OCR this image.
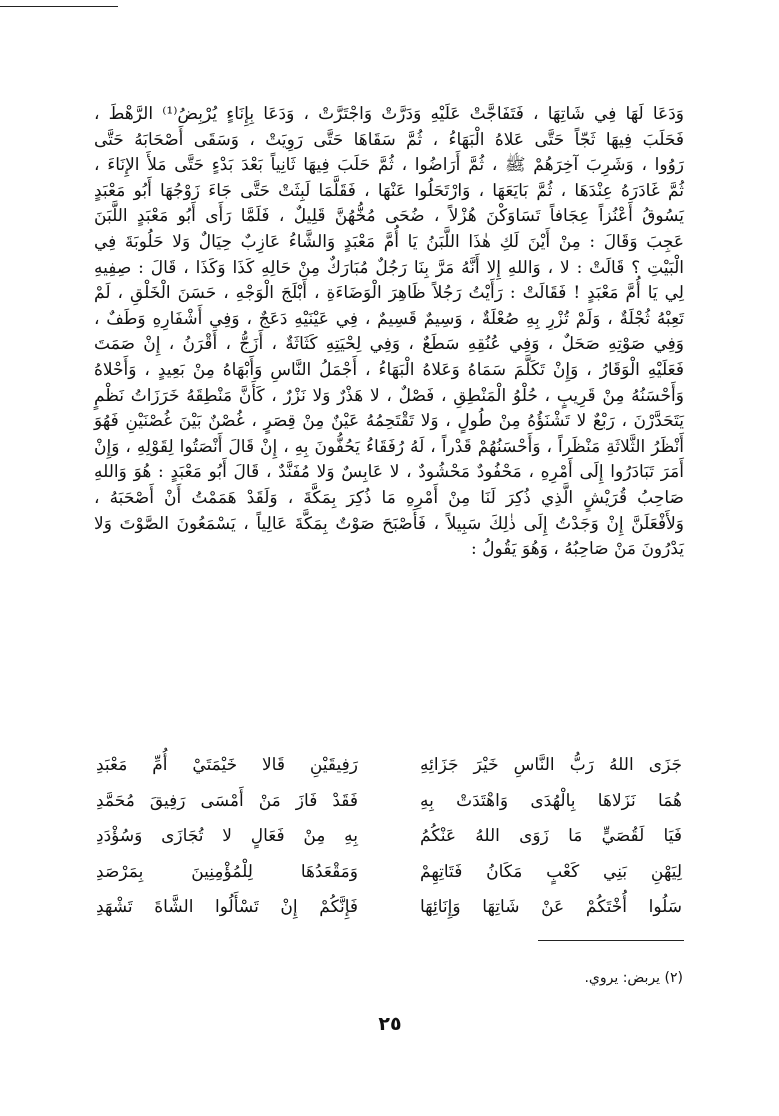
وَدَعَا لَهَا فِي شَاتِهَا ، فَتَفَاجَّتْ عَلَيْهِ وَدَرَّتْ وَاجْتَرَّتْ ، وَدَعَا بِإِنَاءٍ يُرْبِضُ⁽¹⁾ الرَّهْطَ ،
فَحَلَبَ فِيهَا ثَجّاً حَتَّى عَلاهُ الْبَهَاءُ ، ثُمَّ سَقَاهَا حَتَّى رَوِيَتْ ، وَسَقَى أَصْحَابَهُ حَتَّى
رَوُوا ، وَشَرِبَ آخِرَهُمْ ﷺ ، ثُمَّ أَرَاضُوا ، ثُمَّ حَلَبَ فِيهَا ثَانِياً بَعْدَ بَدْءٍ حَتَّى مَلأَ الإِنَاءَ ،
ثُمَّ غَادَرَهُ عِنْدَهَا ، ثُمَّ بَايَعَهَا ، وَارْتَحَلُوا عَنْهَا ، فَقَلَّمَا لَبِثَتْ حَتَّى جَاءَ زَوْجُهَا أَبُو مَعْبَدٍ
يَسُوقُ أَعْنُزاً عِجَافاً تَسَاوَكْنَ هُزْلاً ، ضُحَى مُخُّهُنَّ قَلِيلٌ ، فَلَمَّا رَأَى أَبُو مَعْبَدٍ اللَّبَنَ
عَجِبَ وَقَالَ : مِنْ أَيْنَ لَكِ هٰذَا اللَّبَنُ يَا أُمَّ مَعْبَدٍ وَالشَّاءُ عَازِبٌ حِيَالٌ وَلا حَلُوبَةَ فِي
الْبَيْتِ ؟ قَالَتْ : لا ، وَاللهِ إِلا أَنَّهُ مَرَّ بِنَا رَجُلٌ مُبَارَكٌ مِنْ حَالِهِ كَذَا وَكَذَا ، قَالَ : صِفِيهِ
لِي يَا أُمَّ مَعْبَدٍ ! فَقَالَتْ : رَأَيْتُ رَجُلاً ظَاهِرَ الْوَضَاءَةِ ، أَبْلَجَ الْوَجْهِ ، حَسَنَ الْخَلْقِ ، لَمْ
تَعِبْهُ ثُجْلَةٌ ، وَلَمْ تُزْرِ بِهِ صُعْلَةٌ ، وَسِيمٌ قَسِيمٌ ، فِي عَيْنَيْهِ دَعَجٌ ، وَفِي أَشْفَارِهِ وَطَفٌ ،
وَفِي صَوْتِهِ صَحَلٌ ، وَفِي عُنُقِهِ سَطَعٌ ، وَفِي لِحْيَتِهِ كَثَاثَةٌ ، أَزَجُّ ، أَقْرَنُ ، إِنْ صَمَتَ
فَعَلَيْهِ الْوَقَارُ ، وَإِنْ تَكَلَّمَ سَمَاهُ وَعَلاهُ الْبَهَاءُ ، أَجْمَلُ النَّاسِ وَأَبْهَاهُ مِنْ بَعِيدٍ ، وَأَحْلاهُ
وَأَحْسَنُهُ مِنْ قَرِيبٍ ، حُلْوُ الْمَنْطِقِ ، فَصْلٌ ، لا هَذْرٌ وَلا نَزْرٌ ، كَأَنَّ مَنْطِقَهُ خَرَزَاتُ نَظْمٍ
يَتَحَدَّرْنَ ، رَبْعٌ لا تَشْنَؤُهُ مِنْ طُولٍ ، وَلا تَقْتَحِمُهُ عَيْنٌ مِنْ قِصَرٍ ، غُصْنٌ بَيْنَ غُصْنَيْنِ فَهُوَ
أَنْظَرُ الثَّلاثَةِ مَنْظَراً ، وَأَحْسَنُهُمْ قَدْراً ، لَهُ رُفَقَاءُ يَحُفُّونَ بِهِ ، إِنْ قَالَ أَنْصَتُوا لِقَوْلِهِ ، وَإِنْ
أَمَرَ تَبَادَرُوا إِلَى أَمْرِهِ ، مَحْفُودٌ مَحْشُودٌ ، لا عَابِسٌ وَلا مُفَنَّدٌ ، قَالَ أَبُو مَعْبَدٍ : هُوَ وَاللهِ
صَاحِبُ قُرَيْشٍ الَّذِي ذُكِرَ لَنَا مِنْ أَمْرِهِ مَا ذُكِرَ بِمَكَّةَ ، وَلَقَدْ هَمَمْتُ أَنْ أَصْحَبَهُ ،
وَلأَفْعَلَنَّ إِنْ وَجَدْتُ إِلَى ذٰلِكَ سَبِيلاً ، فَأَصْبَحَ صَوْتٌ بِمَكَّةَ عَالِياً ، يَسْمَعُونَ الصَّوْتَ وَلا
يَدْرُونَ مَنْ صَاحِبُهُ ، وَهُوَ يَقُولُ :
جَزَى اللهُ رَبُّ النَّاسِ خَيْرَ جَزَائِهِ
رَفِيقَيْنِ قَالا خَيْمَتَيْ أُمِّ مَعْبَدِ
هُمَا نَزَلاهَا بِالْهُدَى وَاهْتَدَتْ بِهِ
فَقَدْ فَازَ مَنْ أَمْسَى رَفِيقَ مُحَمَّدِ
فَيَا لَقُصَيٍّ مَا زَوَى اللهُ عَنْكُمُ
بِهِ مِنْ فَعَالٍ لا تُجَازَى وَسُؤْدَدِ
لِيَهْنِ بَنِي كَعْبٍ مَكَانُ فَتَاتِهِمْ
وَمَقْعَدُهَا لِلْمُؤْمِنِينَ بِمَرْصَدِ
سَلُوا أُخْتَكُمْ عَنْ شَاتِهَا وَإِنَائِهَا
فَإِنَّكُمْ إِنْ تَسْأَلُوا الشَّاةَ تَشْهَدِ
(٢) يربض: يروي.
٢٥
